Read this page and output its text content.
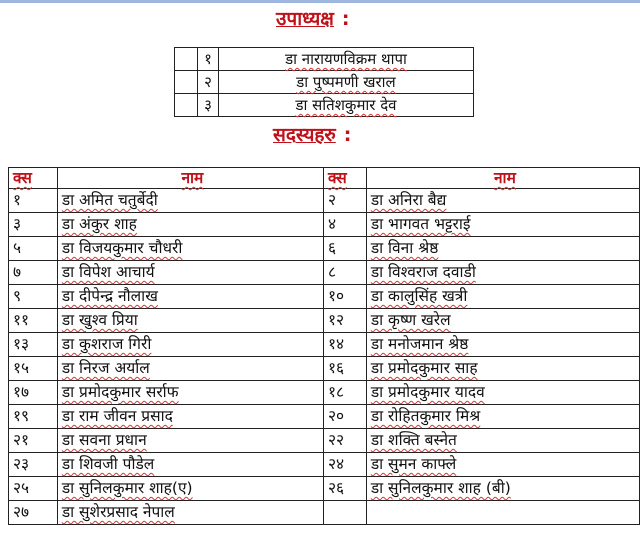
उपाध्यक्ष :
	१	डा नारायणविक्रम थापा
	२	डा पुष्पमणी खराल
	३	डा सतिशकुमार देव
सदस्यहरु :
क्स	नाम	क्स	नाम
१	डा अमित चतुर्बेदी	२	डा अनिरा बैद्य
३	डा अंकुर शाह	४	डा भागवत भट्टराई
५	डा विजयकुमार चौधरी	६	डा विना श्रेष्ठ
७	डा विपेश आचार्य	८	डा विश्वराज दवाडी
९	डा दीपेन्द्र नौलाख	१०	डा कालुसिंह खत्री
११	डा खुश्व प्रिया	१२	डा कृष्ण खरेल
१३	डा कुशराज गिरी	१४	डा मनोजमान श्रेष्ठ
१५	डा निरज अर्याल	१६	डा प्रमोदकुमार साह
१७	डा प्रमोदकुमार सर्राफ	१८	डा प्रमोदकुमार यादव
१९	डा राम जीवन प्रसाद	२०	डा रोहितकुमार मिश्र
२१	डा सवना प्रधान	२२	डा शक्ति बस्नेत
२३	डा शिवजी पौडेल	२४	डा सुमन काफ्ले
२५	डा सुनिलकुमार शाह(ए)	२६	डा सुनिलकुमार शाह (बी)
२७	डा सुशेरप्रसाद नेपाल		
